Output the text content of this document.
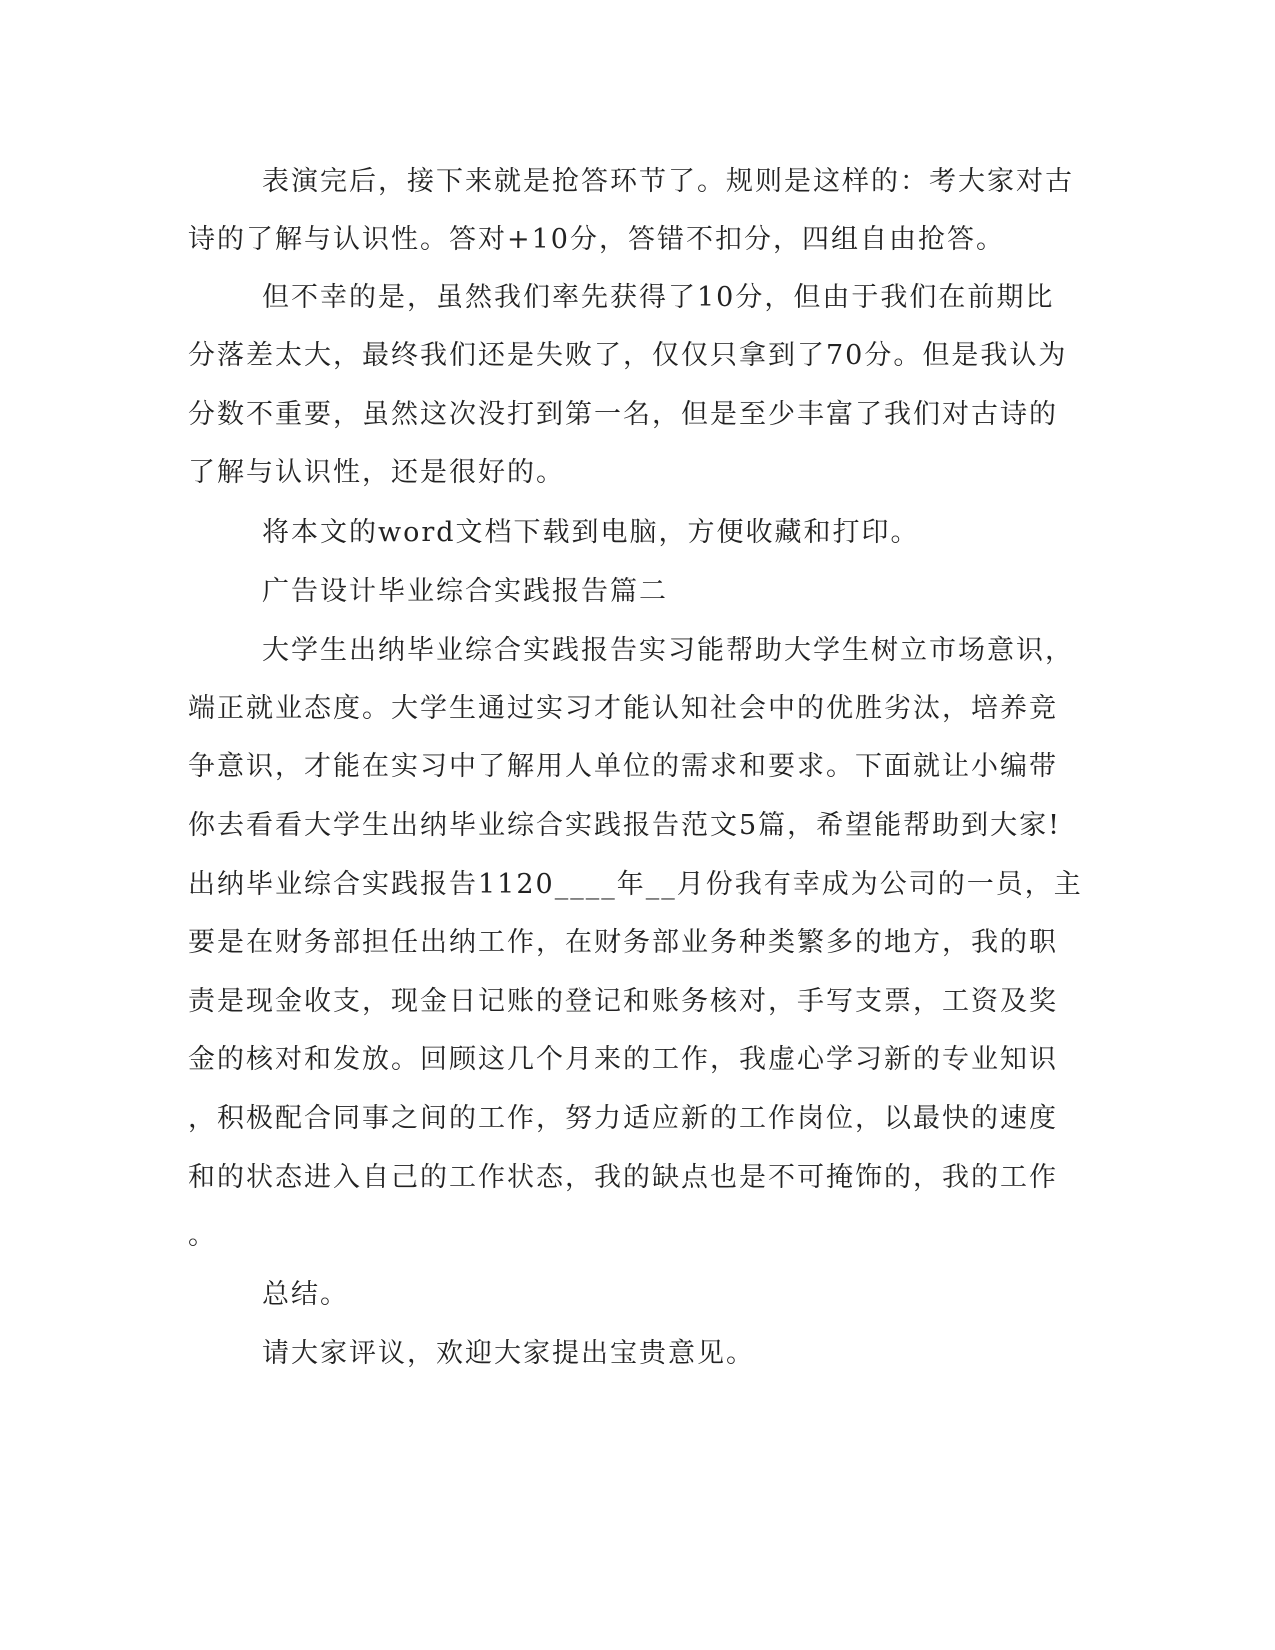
表演完后，接下来就是抢答环节了。规则是这样的：考大家对古
诗的了解与认识性。答对+10分，答错不扣分，四组自由抢答。
但不幸的是，虽然我们率先获得了10分，但由于我们在前期比
分落差太大，最终我们还是失败了，仅仅只拿到了70分。但是我认为
分数不重要，虽然这次没打到第一名，但是至少丰富了我们对古诗的
了解与认识性，还是很好的。
将本文的word文档下载到电脑，方便收藏和打印。
广告设计毕业综合实践报告篇二
大学生出纳毕业综合实践报告实习能帮助大学生树立市场意识，
端正就业态度。大学生通过实习才能认知社会中的优胜劣汰，培养竞
争意识，才能在实习中了解用人单位的需求和要求。下面就让小编带
你去看看大学生出纳毕业综合实践报告范文5篇，希望能帮助到大家!
出纳毕业综合实践报告1120____年__月份我有幸成为公司的一员，主
要是在财务部担任出纳工作，在财务部业务种类繁多的地方，我的职
责是现金收支，现金日记账的登记和账务核对，手写支票，工资及奖
金的核对和发放。回顾这几个月来的工作，我虚心学习新的专业知识
，积极配合同事之间的工作，努力适应新的工作岗位，以最快的速度
和的状态进入自己的工作状态，我的缺点也是不可掩饰的，我的工作
。
总结。
请大家评议，欢迎大家提出宝贵意见。
